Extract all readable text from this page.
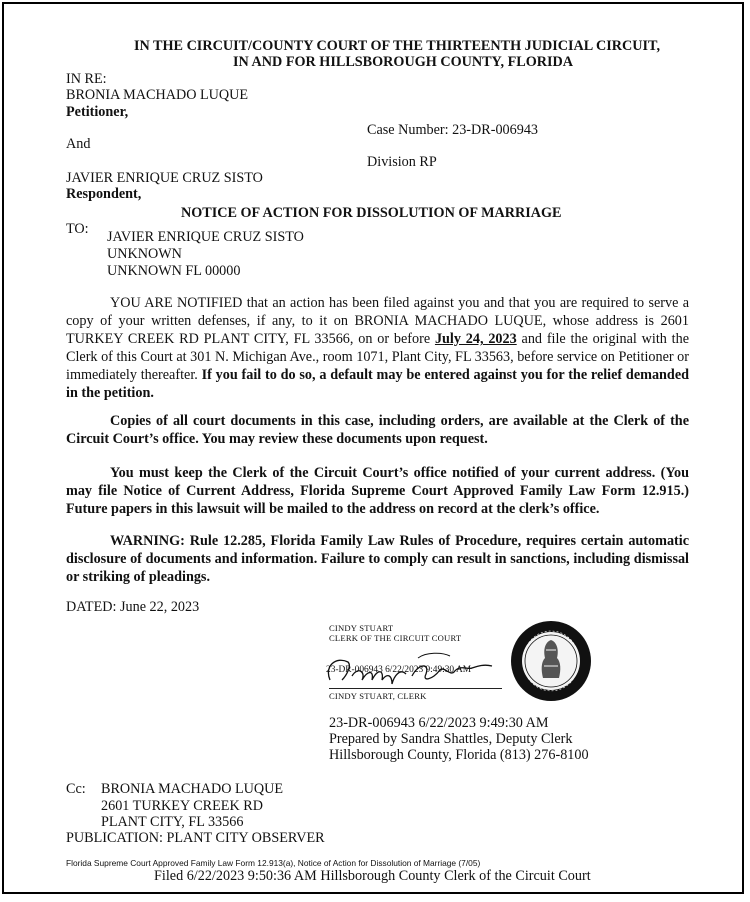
IN THE CIRCUIT/COUNTY COURT OF THE THIRTEENTH JUDICIAL CIRCUIT,
IN AND FOR HILLSBOROUGH COUNTY, FLORIDA
IN RE:
BRONIA MACHADO LUQUE
Petitioner,
Case Number: 23-DR-006943
And
Division RP
JAVIER ENRIQUE CRUZ SISTO
Respondent,
NOTICE OF ACTION FOR DISSOLUTION OF MARRIAGE
TO: JAVIER ENRIQUE CRUZ SISTO
UNKNOWN
UNKNOWN FL 00000
YOU ARE NOTIFIED that an action has been filed against you and that you are required to serve a copy of your written defenses, if any, to it on BRONIA MACHADO LUQUE, whose address is 2601 TURKEY CREEK RD PLANT CITY, FL 33566, on or before July 24, 2023 and file the original with the Clerk of this Court at 301 N. Michigan Ave., room 1071, Plant City, FL 33563, before service on Petitioner or immediately thereafter. If you fail to do so, a default may be entered against you for the relief demanded in the petition.
Copies of all court documents in this case, including orders, are available at the Clerk of the Circuit Court’s office. You may review these documents upon request.
You must keep the Clerk of the Circuit Court’s office notified of your current address. (You may file Notice of Current Address, Florida Supreme Court Approved Family Law Form 12.915.) Future papers in this lawsuit will be mailed to the address on record at the clerk’s office.
WARNING: Rule 12.285, Florida Family Law Rules of Procedure, requires certain automatic disclosure of documents and information. Failure to comply can result in sanctions, including dismissal or striking of pleadings.
DATED: June 22, 2023
CINDY STUART
CLERK OF THE CIRCUIT COURT
23-DR-006943 6/22/2023 9:49:30 AM
CINDY STUART, CLERK
23-DR-006943 6/22/2023 9:49:30 AM
Prepared by Sandra Shattles, Deputy Clerk
Hillsborough County, Florida (813) 276-8100
Cc: BRONIA MACHADO LUQUE
2601 TURKEY CREEK RD
PLANT CITY, FL 33566
PUBLICATION: PLANT CITY OBSERVER
Florida Supreme Court Approved Family Law Form 12.913(a), Notice of Action for Dissolution of Marriage (7/05)
Filed 6/22/2023 9:50:36 AM Hillsborough County Clerk of the Circuit Court
